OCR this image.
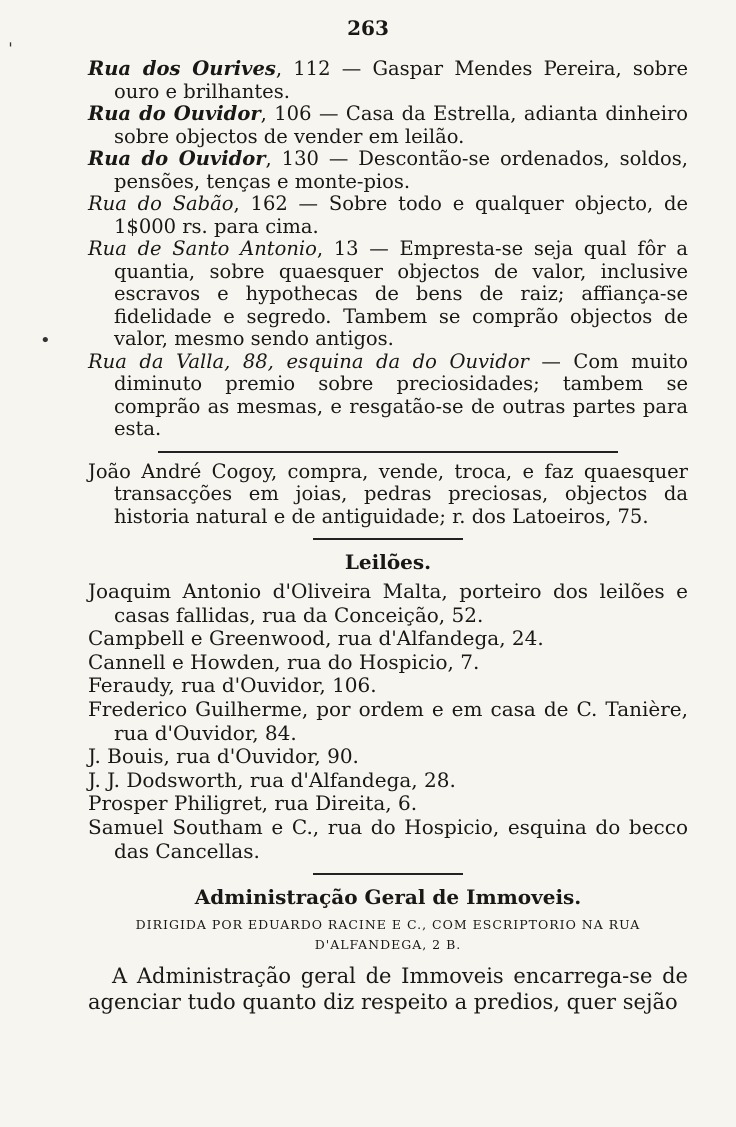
ˈ
•
263

Rua dos Ourives, 112 — Gaspar Mendes Pereira, sobre ouro e brilhantes.

Rua do Ouvidor, 106 — Casa da Estrella, adianta dinheiro sobre objectos de vender em leilão.

Rua do Ouvidor, 130 — Descontão-se ordenados, soldos, pensões, tenças e monte-pios.

Rua do Sabão, 162 — Sobre todo e qualquer objecto, de 1$000 rs. para cima.

Rua de Santo Antonio, 13 — Empresta-se seja qual fôr a quantia, sobre quaesquer objectos de valor, inclusive escravos e hypothecas de bens de raiz; affiança-se fidelidade e segredo. Tambem se comprão objectos de valor, mesmo sendo antigos.

Rua da Valla, 88, esquina da do Ouvidor — Com muito diminuto premio sobre preciosidades; tambem se comprão as mesmas, e resgatão-se de outras partes para esta.

João André Cogoy, compra, vende, troca, e faz quaesquer transacções em joias, pedras preciosas, objectos da historia natural e de antiguidade; r. dos Latoeiros, 75.

Leilões.

Joaquim Antonio d'Oliveira Malta, porteiro dos leilões e casas fallidas, rua da Conceição, 52.

Campbell e Greenwood, rua d'Alfandega, 24.

Cannell e Howden, rua do Hospicio, 7.

Feraudy, rua d'Ouvidor, 106.

Frederico Guilherme, por ordem e em casa de C. Tanière, rua d'Ouvidor, 84.

J. Bouis, rua d'Ouvidor, 90.

J. J. Dodsworth, rua d'Alfandega, 28.

Prosper Philigret, rua Direita, 6.

Samuel Southam e C., rua do Hospicio, esquina do becco das Cancellas.

Administração Geral de Immoveis.
DIRIGIDA POR EDUARDO RACINE E C., COM ESCRIPTORIO NA RUA D'ALFANDEGA, 2 B.

A Administração geral de Immoveis encarrega-se de agenciar tudo quanto diz respeito a predios, quer sejão
